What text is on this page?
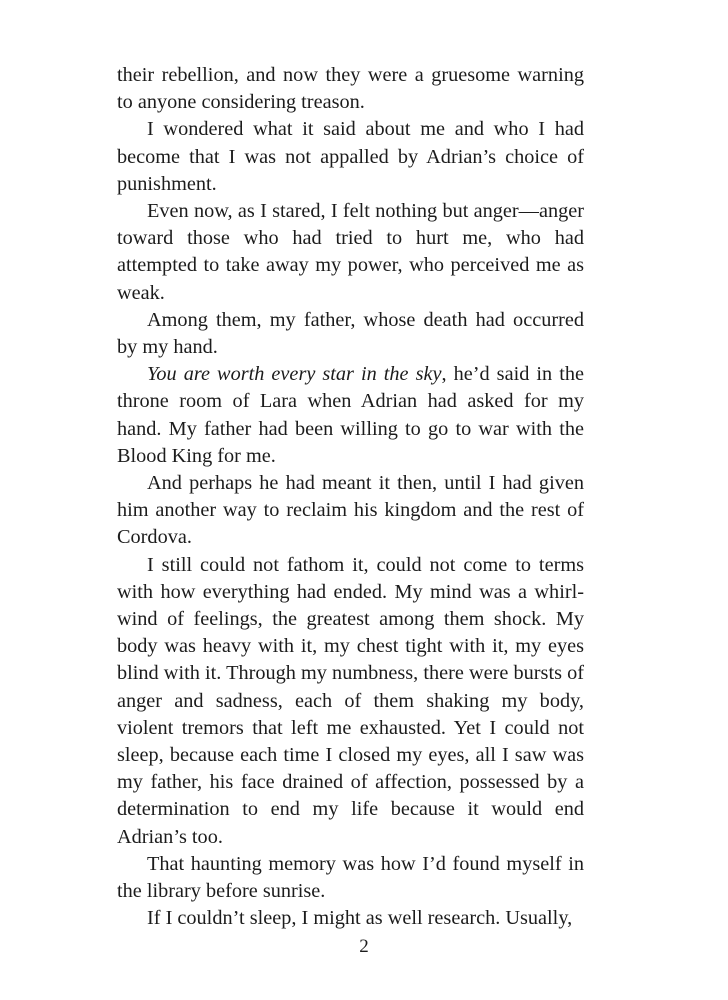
their rebellion, and now they were a gruesome warning to anyone considering treason.

I wondered what it said about me and who I had become that I was not appalled by Adrian’s choice of punishment.

Even now, as I stared, I felt nothing but anger—anger toward those who had tried to hurt me, who had attempted to take away my power, who perceived me as weak.

Among them, my father, whose death had occurred by my hand.

You are worth every star in the sky, he’d said in the throne room of Lara when Adrian had asked for my hand. My father had been willing to go to war with the Blood King for me.

And perhaps he had meant it then, until I had given him another way to reclaim his kingdom and the rest of Cordova.

I still could not fathom it, could not come to terms with how everything had ended. My mind was a whirlwind of feelings, the greatest among them shock. My body was heavy with it, my chest tight with it, my eyes blind with it. Through my numbness, there were bursts of anger and sadness, each of them shaking my body, violent tremors that left me exhausted. Yet I could not sleep, because each time I closed my eyes, all I saw was my father, his face drained of affection, possessed by a determination to end my life because it would end Adrian’s too.

That haunting memory was how I’d found myself in the library before sunrise.

If I couldn’t sleep, I might as well research. Usually,

2
